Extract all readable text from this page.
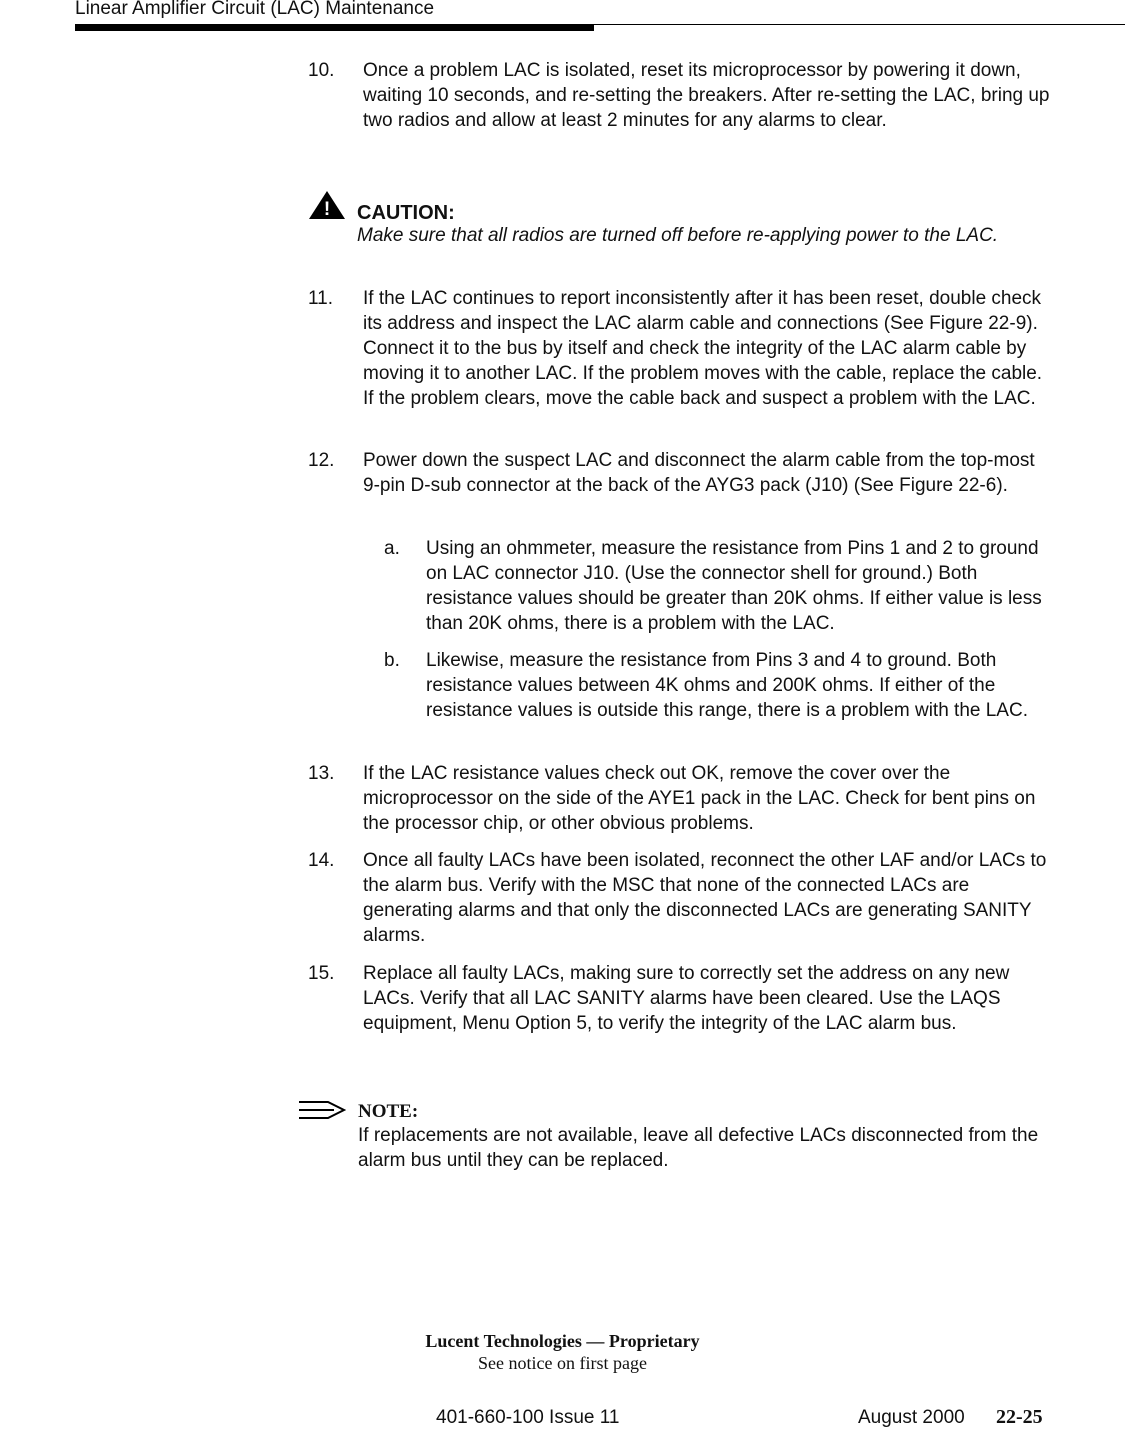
Linear Amplifier Circuit (LAC) Maintenance
10. Once a problem LAC is isolated, reset its microprocessor by powering it down, waiting 10 seconds, and re-setting the breakers. After re-setting the LAC, bring up two radios and allow at least 2 minutes for any alarms to clear.
! CAUTION:
Make sure that all radios are turned off before re-applying power to the LAC.
11. If the LAC continues to report inconsistently after it has been reset, double check its address and inspect the LAC alarm cable and connections (See Figure 22-9). Connect it to the bus by itself and check the integrity of the LAC alarm cable by moving it to another LAC. If the problem moves with the cable, replace the cable. If the problem clears, move the cable back and suspect a problem with the LAC.
12. Power down the suspect LAC and disconnect the alarm cable from the top-most 9-pin D-sub connector at the back of the AYG3 pack (J10) (See Figure 22-6).
a. Using an ohmmeter, measure the resistance from Pins 1 and 2 to ground on LAC connector J10. (Use the connector shell for ground.) Both resistance values should be greater than 20K ohms. If either value is less than 20K ohms, there is a problem with the LAC.
b. Likewise, measure the resistance from Pins 3 and 4 to ground. Both resistance values between 4K ohms and 200K ohms. If either of the resistance values is outside this range, there is a problem with the LAC.
13. If the LAC resistance values check out OK, remove the cover over the microprocessor on the side of the AYE1 pack in the LAC. Check for bent pins on the processor chip, or other obvious problems.
14. Once all faulty LACs have been isolated, reconnect the other LAF and/or LACs to the alarm bus. Verify with the MSC that none of the connected LACs are generating alarms and that only the disconnected LACs are generating SANITY alarms.
15. Replace all faulty LACs, making sure to correctly set the address on any new LACs. Verify that all LAC SANITY alarms have been cleared. Use the LAQS equipment, Menu Option 5, to verify the integrity of the LAC alarm bus.
NOTE:
If replacements are not available, leave all defective LACs disconnected from the alarm bus until they can be replaced.
Lucent Technologies — Proprietary
See notice on first page
401-660-100 Issue 11	August 2000 22-25
